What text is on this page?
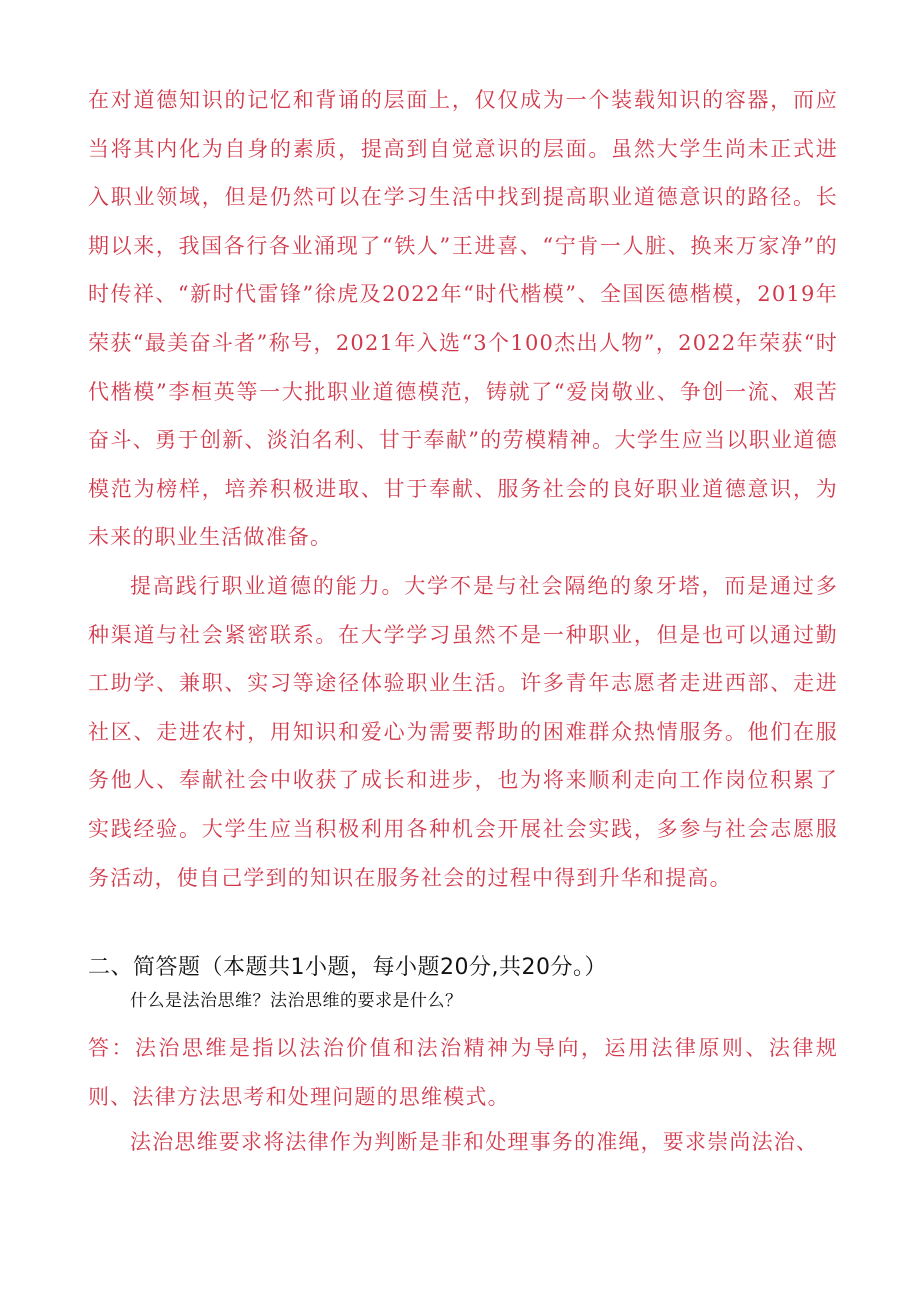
在对道德知识的记忆和背诵的层面上，仅仅成为一个装载知识的容器，而应当将其内化为自身的素质，提高到自觉意识的层面。虽然大学生尚未正式进入职业领域，但是仍然可以在学习生活中找到提高职业道德意识的路径。长期以来，我国各行各业涌现了“铁人”王进喜、“宁肯一人脏、换来万家净”的时传祥、“新时代雷锋”徐虎及2022年“时代楷模”、全国医德楷模，2019年荣获“最美奋斗者”称号，2021年入选“3个100杰出人物”，2022年荣获“时代楷模”李桓英等一大批职业道德模范，铸就了“爱岗敬业、争创一流、艰苦奋斗、勇于创新、淡泊名利、甘于奉献”的劳模精神。大学生应当以职业道德模范为榜样，培养积极进取、甘于奉献、服务社会的良好职业道德意识，为未来的职业生活做准备。

提高践行职业道德的能力。大学不是与社会隔绝的象牙塔，而是通过多种渠道与社会紧密联系。在大学学习虽然不是一种职业，但是也可以通过勤工助学、兼职、实习等途径体验职业生活。许多青年志愿者走进西部、走进社区、走进农村，用知识和爱心为需要帮助的困难群众热情服务。他们在服务他人、奉献社会中收获了成长和进步，也为将来顺利走向工作岗位积累了实践经验。大学生应当积极利用各种机会开展社会实践，多参与社会志愿服务活动，使自己学到的知识在服务社会的过程中得到升华和提高。

二、简答题（本题共1小题，每小题20分,共20分。）

什么是法治思维？法治思维的要求是什么？

答：法治思维是指以法治价值和法治精神为导向，运用法律原则、法律规则、法律方法思考和处理问题的思维模式。

法治思维要求将法律作为判断是非和处理事务的准绳，要求崇尚法治、
